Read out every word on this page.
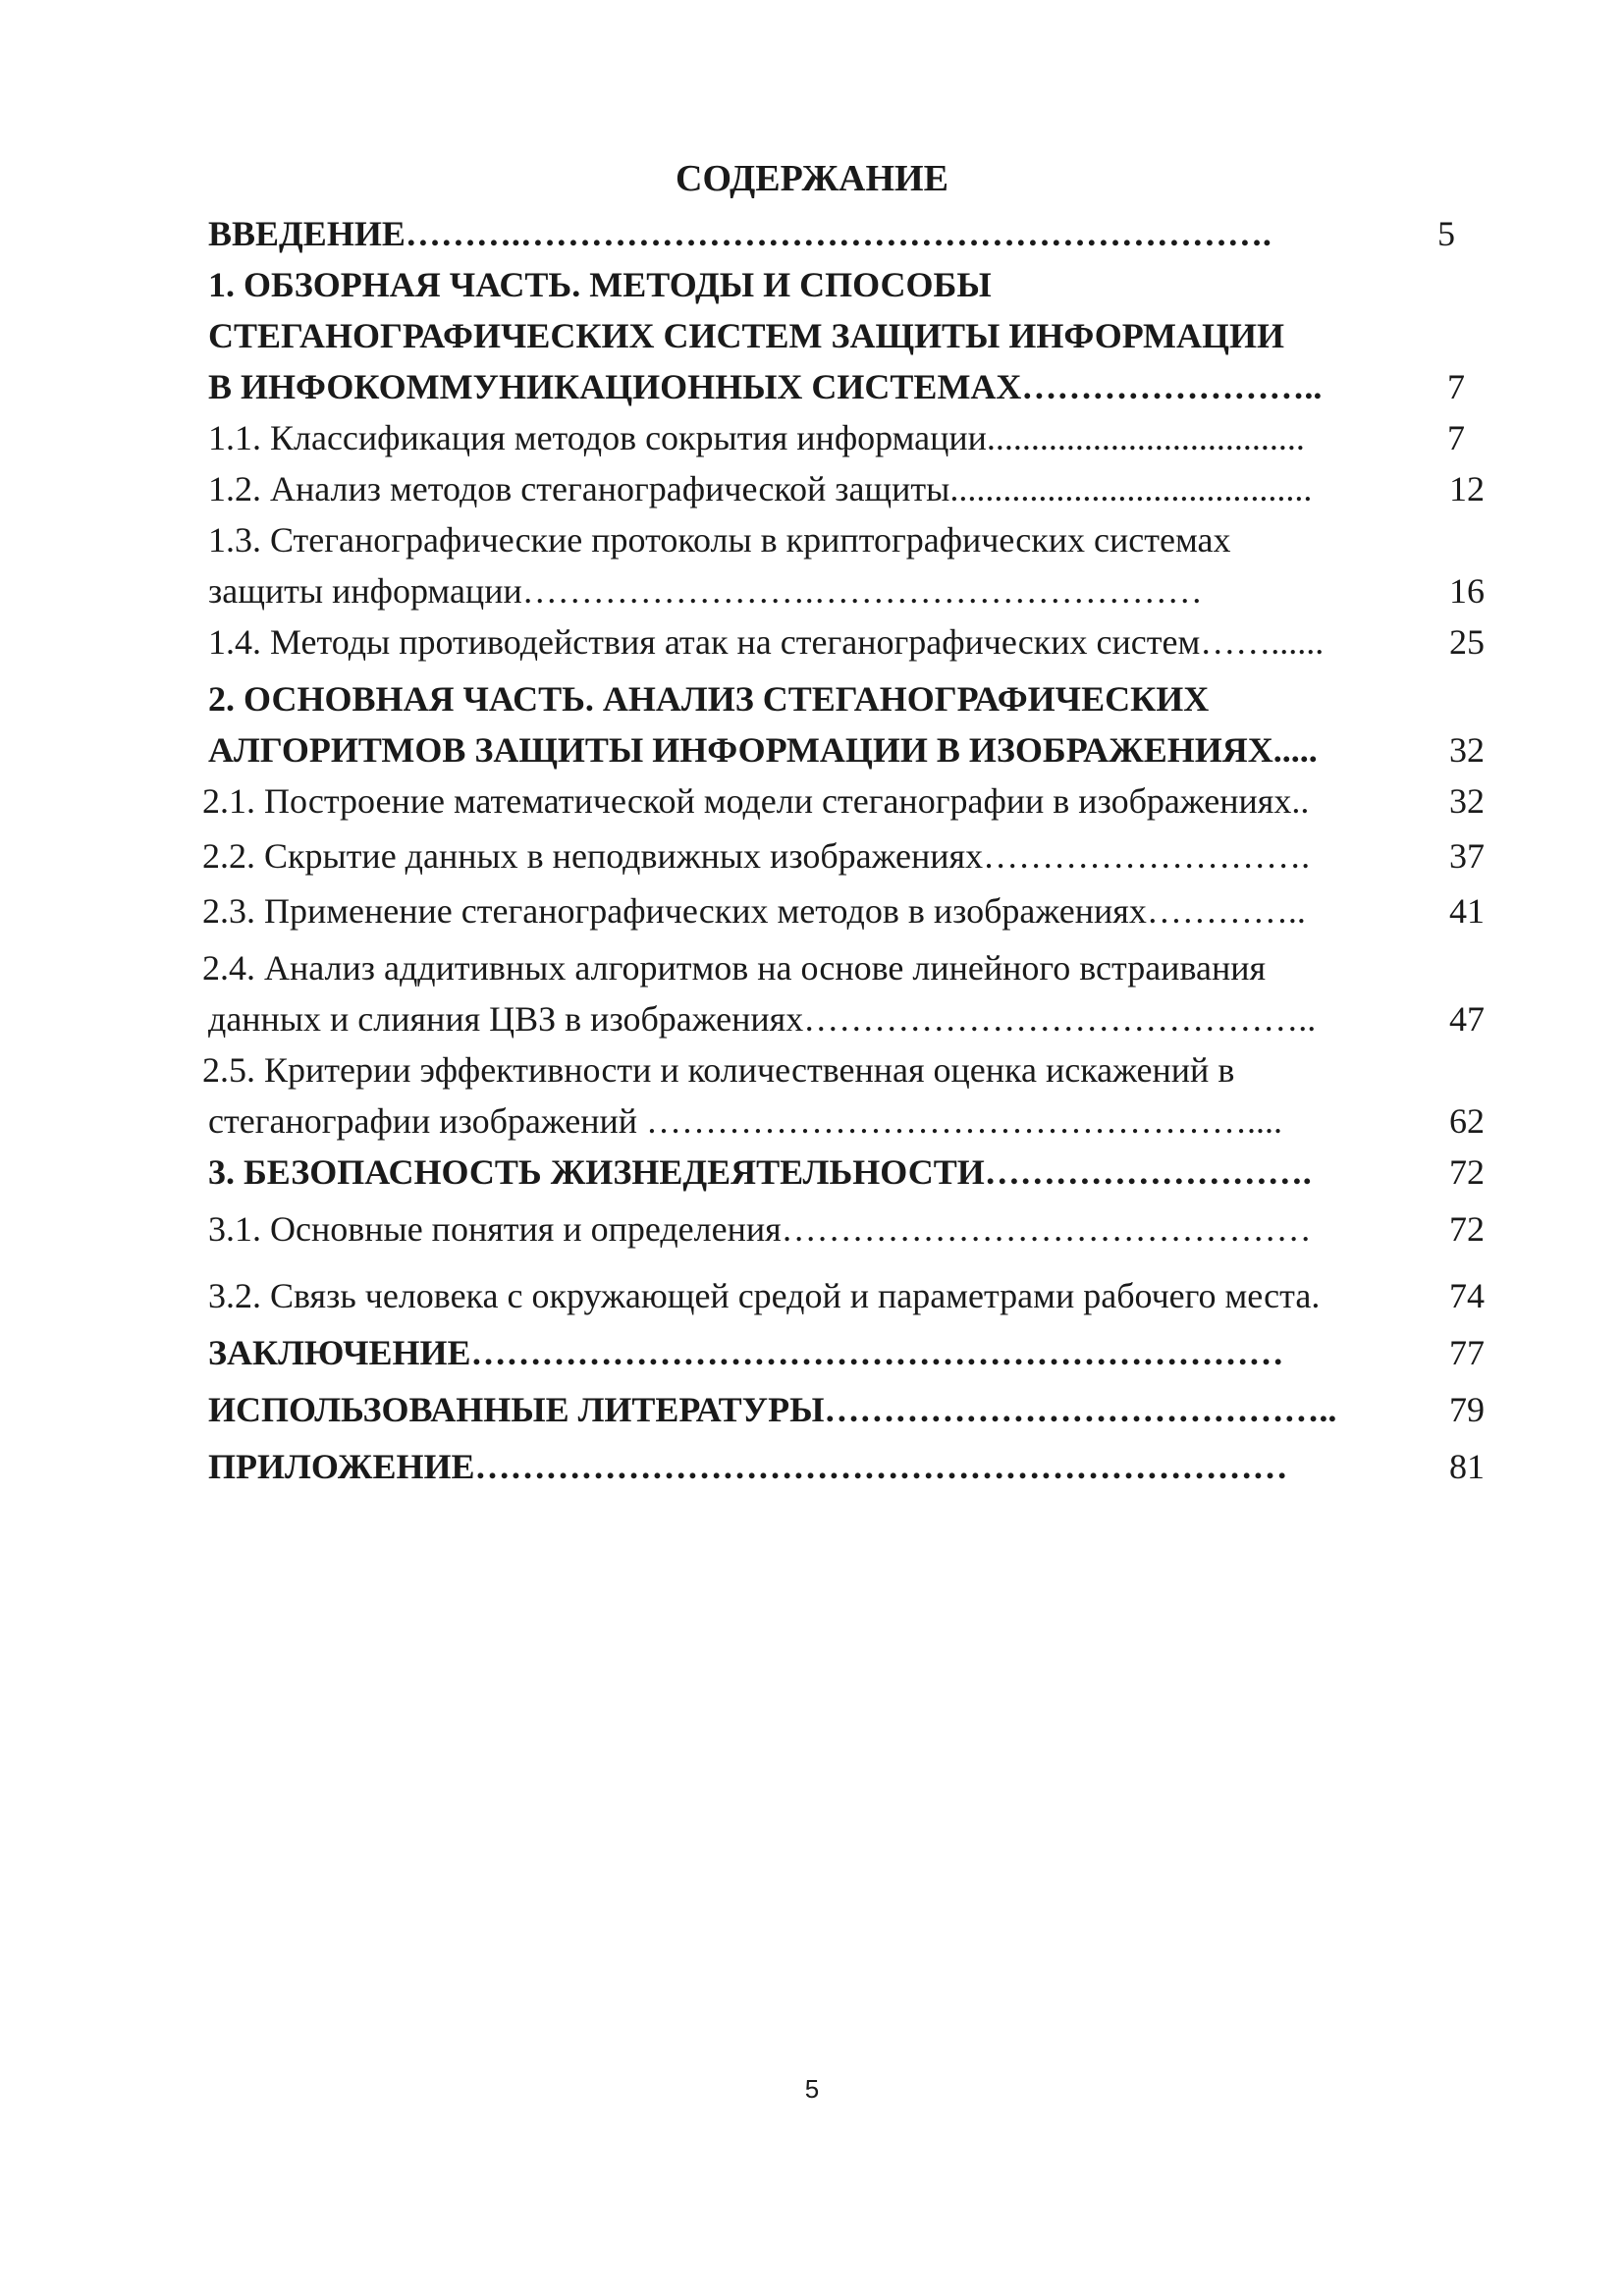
СОДЕРЖАНИЕ
ВВЕДЕНИЕ……….……………………………………………………….	5
1. ОБЗОРНАЯ ЧАСТЬ. МЕТОДЫ И СПОСОБЫ
СТЕГАНОГРАФИЧЕСКИХ СИСТЕМ ЗАЩИТЫ ИНФОРМАЦИИ
В ИНФОКОММУНИКАЦИОННЫХ СИСТЕМАХ……………………..	7
1.1. Классификация методов сокрытия информации....................................	7
1.2. Анализ методов стеганографической защиты.........................................	12
1.3. Стеганографические протоколы в криптографических системах
защиты информации…………………….……………………………	16
1.4. Методы противодействия атак на стеганографических систем……......	25
2. ОСНОВНАЯ ЧАСТЬ. АНАЛИЗ СТЕГАНОГРАФИЧЕСКИХ
АЛГОРИТМОВ ЗАЩИТЫ ИНФОРМАЦИИ В ИЗОБРАЖЕНИЯХ.....	32
2.1. Построение математической модели стеганографии в изображениях..	32
2.2. Скрытие данных в неподвижных изображениях……………………….	37
2.3. Применение стеганографических методов в изображениях…………..	41
2.4. Анализ аддитивных алгоритмов на основе линейного встраивания
данных и слияния ЦВЗ в изображениях……………………………………..	47
2.5. Критерии эффективности и количественная оценка искажений в
стеганографии изображений ……………………………………………....	62
3. БЕЗОПАСНОСТЬ ЖИЗНЕДЕЯТЕЛЬНОСТИ……………………….	72
3.1. Основные понятия и определения………………………………………	72
3.2. Связь человека с окружающей средой и параметрами рабочего места.	74
ЗАКЛЮЧЕНИЕ……………………………………………………………	77
ИСПОЛЬЗОВАННЫЕ ЛИТЕРАТУРЫ……………………………………..	79
ПРИЛОЖЕНИЕ……………………………………………………………	81
5
